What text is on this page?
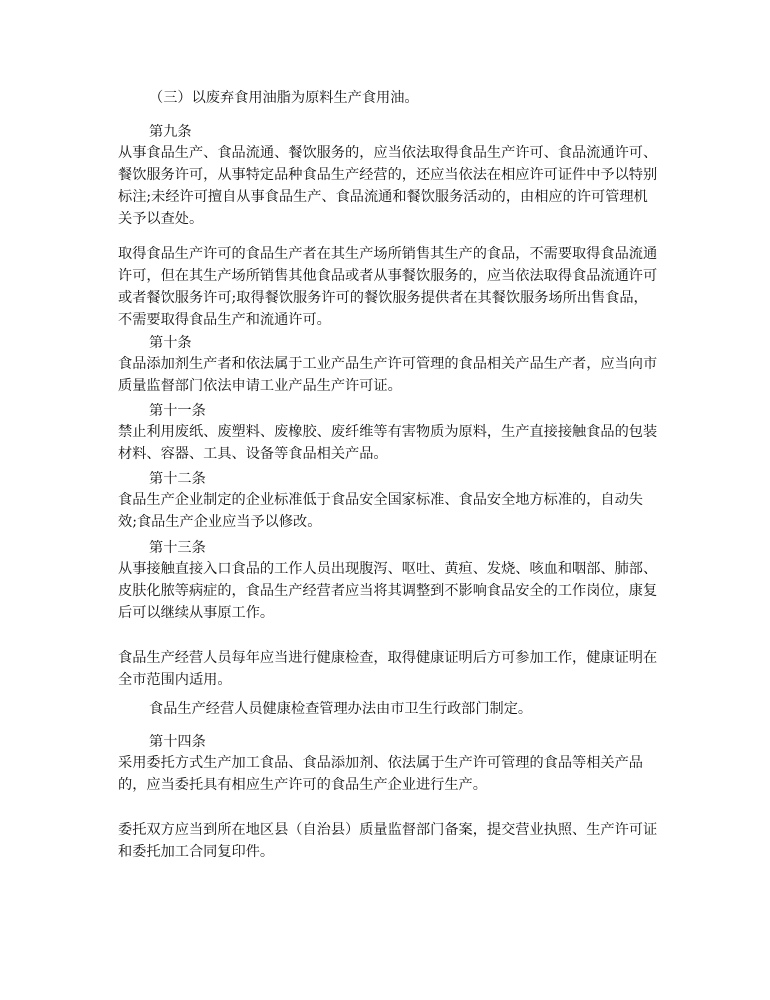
（三）以废弃食用油脂为原料生产食用油。
第九条
从事食品生产、食品流通、餐饮服务的，应当依法取得食品生产许可、食品流通许可、餐饮服务许可，从事特定品种食品生产经营的，还应当依法在相应许可证件中予以特别标注;未经许可擅自从事食品生产、食品流通和餐饮服务活动的，由相应的许可管理机关予以查处。
取得食品生产许可的食品生产者在其生产场所销售其生产的食品，不需要取得食品流通许可，但在其生产场所销售其他食品或者从事餐饮服务的，应当依法取得食品流通许可或者餐饮服务许可;取得餐饮服务许可的餐饮服务提供者在其餐饮服务场所出售食品，不需要取得食品生产和流通许可。
第十条
食品添加剂生产者和依法属于工业产品生产许可管理的食品相关产品生产者，应当向市质量监督部门依法申请工业产品生产许可证。
第十一条
禁止利用废纸、废塑料、废橡胶、废纤维等有害物质为原料，生产直接接触食品的包装材料、容器、工具、设备等食品相关产品。
第十二条
食品生产企业制定的企业标准低于食品安全国家标准、食品安全地方标准的，自动失效;食品生产企业应当予以修改。
第十三条
从事接触直接入口食品的工作人员出现腹泻、呕吐、黄疸、发烧、咳血和咽部、肺部、皮肤化脓等病症的，食品生产经营者应当将其调整到不影响食品安全的工作岗位，康复后可以继续从事原工作。
食品生产经营人员每年应当进行健康检查，取得健康证明后方可参加工作，健康证明在全市范围内适用。
食品生产经营人员健康检查管理办法由市卫生行政部门制定。
第十四条
采用委托方式生产加工食品、食品添加剂、依法属于生产许可管理的食品等相关产品的，应当委托具有相应生产许可的食品生产企业进行生产。
委托双方应当到所在地区县（自治县）质量监督部门备案，提交营业执照、生产许可证和委托加工合同复印件。
